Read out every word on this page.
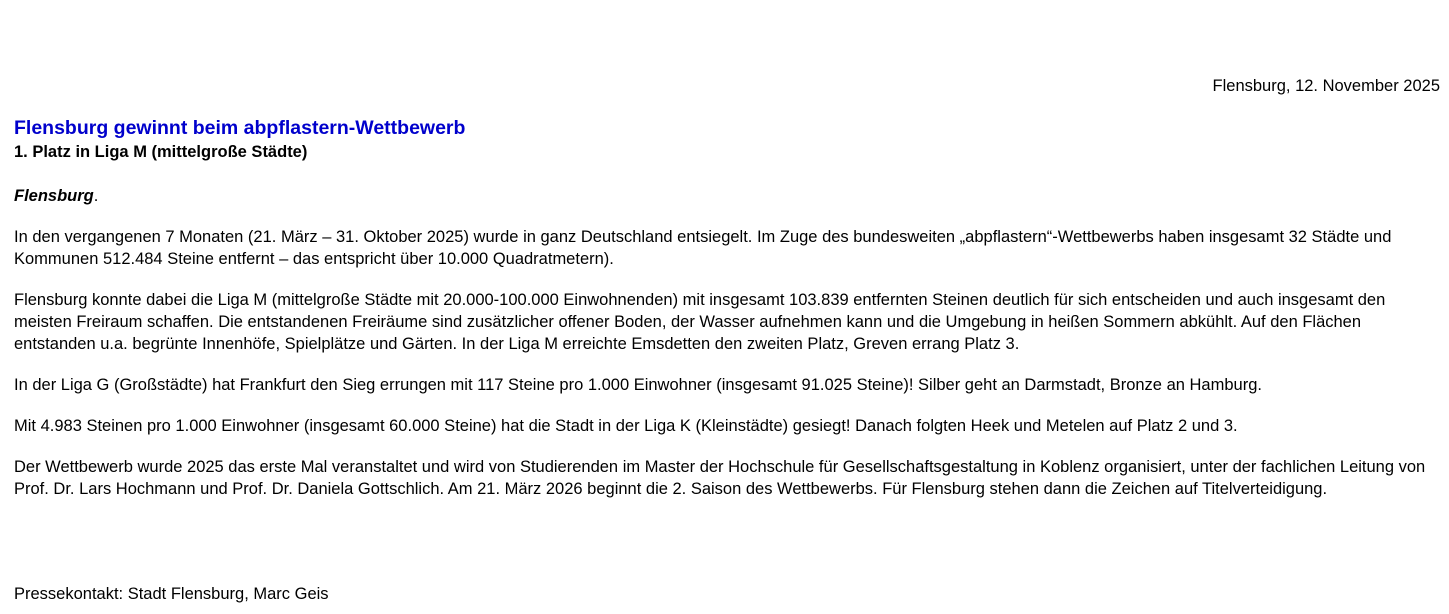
Flensburg, 12. November 2025
Flensburg gewinnt beim abpflastern-Wettbewerb
1. Platz in Liga M (mittelgroße Städte)

Flensburg.

In den vergangenen 7 Monaten (21. März – 31. Oktober 2025) wurde in ganz Deutschland entsiegelt. Im Zuge des bundesweiten „abpflastern“-Wettbewerbs haben insgesamt 32 Städte und Kommunen 512.484 Steine entfernt – das entspricht über 10.000 Quadratmetern).

Flensburg konnte dabei die Liga M (mittelgroße Städte mit 20.000-100.000 Einwohnenden) mit insgesamt 103.839 entfernten Steinen deutlich für sich entscheiden und auch insgesamt den meisten Freiraum schaffen. Die entstandenen Freiräume sind zusätzlicher offener Boden, der Wasser aufnehmen kann und die Umgebung in heißen Sommern abkühlt. Auf den Flächen entstanden u.a. begrünte Innenhöfe, Spielplätze und Gärten. In der Liga M erreichte Emsdetten den zweiten Platz, Greven errang Platz 3.

In der Liga G (Großstädte) hat Frankfurt den Sieg errungen mit 117 Steine pro 1.000 Einwohner (insgesamt 91.025 Steine)! Silber geht an Darmstadt, Bronze an Hamburg.

Mit 4.983 Steinen pro 1.000 Einwohner (insgesamt 60.000 Steine) hat die Stadt in der Liga K (Kleinstädte) gesiegt! Danach folgten Heek und Metelen auf Platz 2 und 3.

Der Wettbewerb wurde 2025 das erste Mal veranstaltet und wird von Studierenden im Master der Hochschule für Gesellschaftsgestaltung in Koblenz organisiert, unter der fachlichen Leitung von Prof. Dr. Lars Hochmann und Prof. Dr. Daniela Gottschlich. Am 21. März 2026 beginnt die 2. Saison des Wettbewerbs. Für Flensburg stehen dann die Zeichen auf Titelverteidigung.

Pressekontakt: Stadt Flensburg, Marc Geis
